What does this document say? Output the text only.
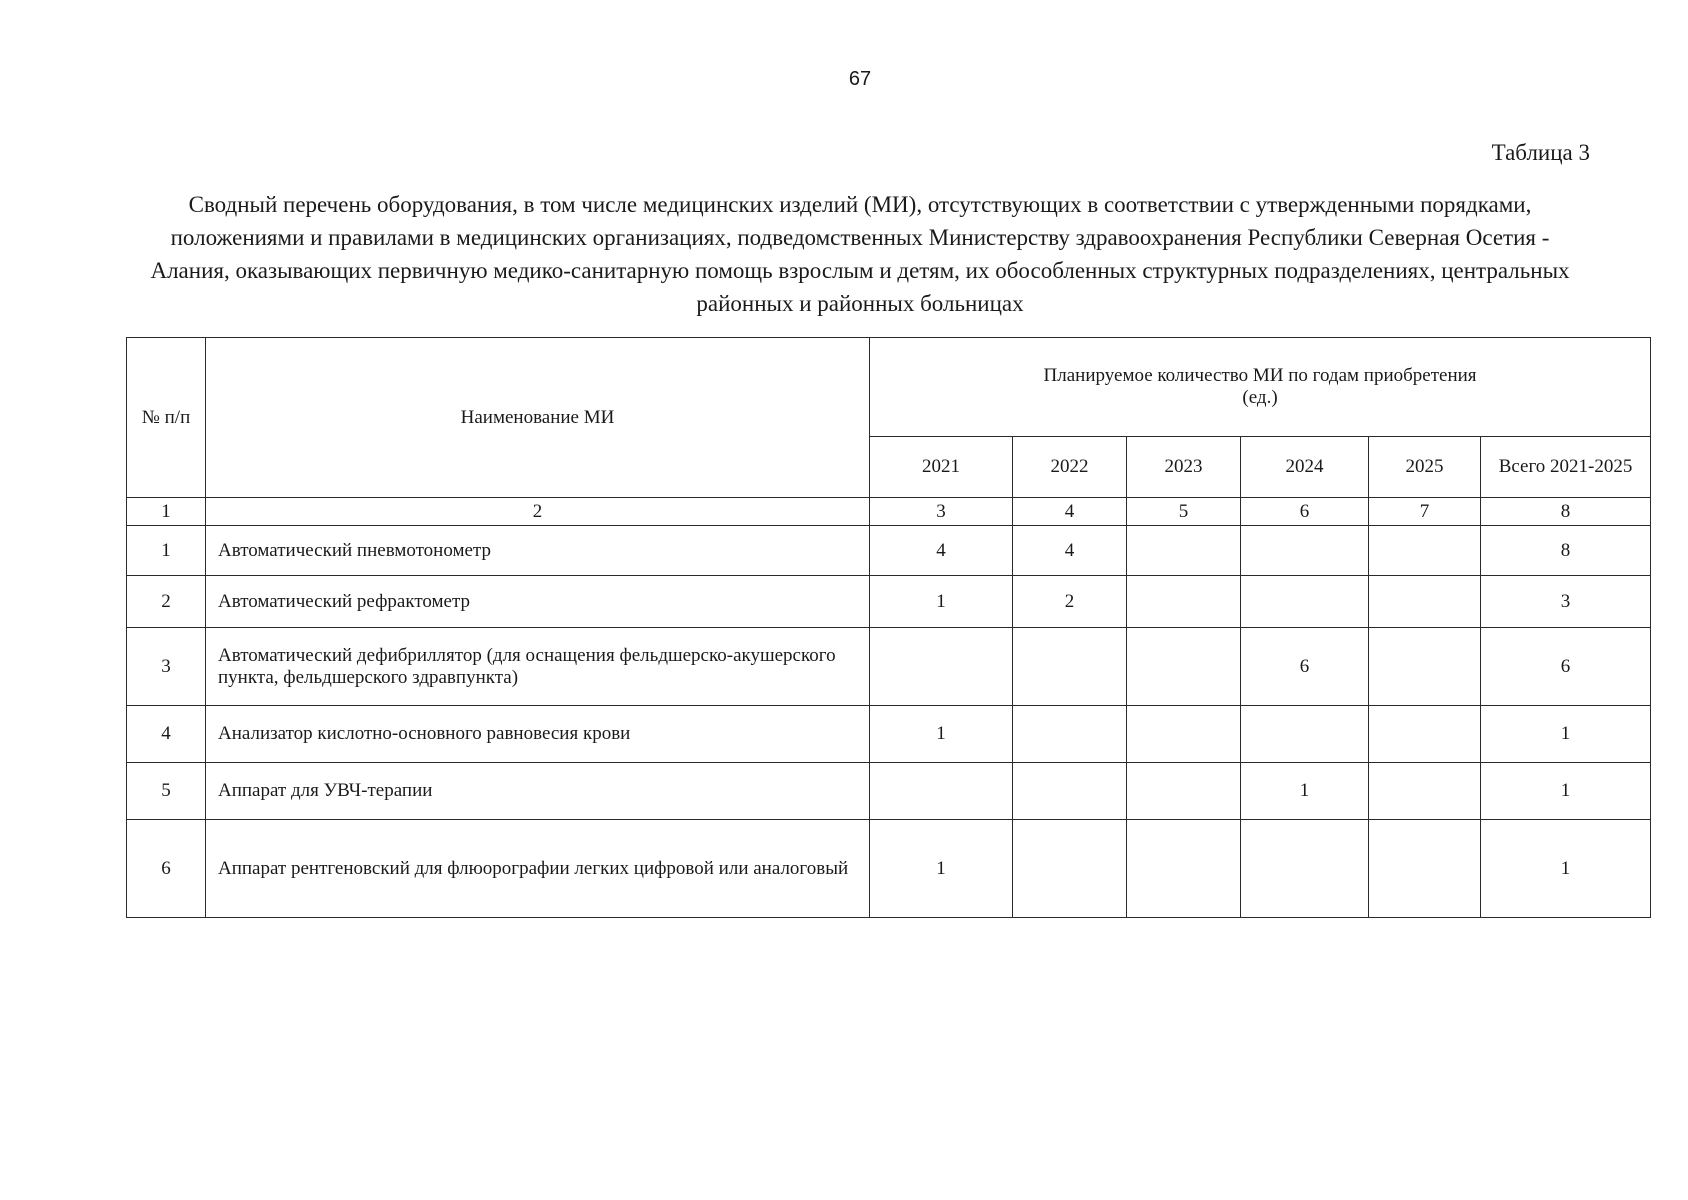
67
Таблица 3
Сводный перечень оборудования, в том числе медицинских изделий (МИ), отсутствующих в соответствии с утвержденными порядками, положениями и правилами в медицинских организациях, подведомственных Министерству здравоохранения Республики Северная Осетия - Алания, оказывающих первичную медико-санитарную помощь взрослым и детям, их обособленных структурных подразделениях, центральных районных и районных больницах
№ п/п	Наименование МИ	Планируемое количество МИ по годам приобретения
(ед.)					

		2021	2022	2023	2024	2025	Всего 2021-2025
1	2	3	4	5	6	7	8
1	Автоматический пневмотонометр	4	4				8
2	Автоматический рефрактометр	1	2				3
3	Автоматический дефибриллятор (для оснащения фельдшерско-акушерского пункта, фельдшерского здравпункта)				6		6
4	Анализатор кислотно-основного равновесия крови	1					1
5	Аппарат для УВЧ-терапии				1		1
6	Аппарат рентгеновский для флюорографии легких цифровой или аналоговый	1					1
